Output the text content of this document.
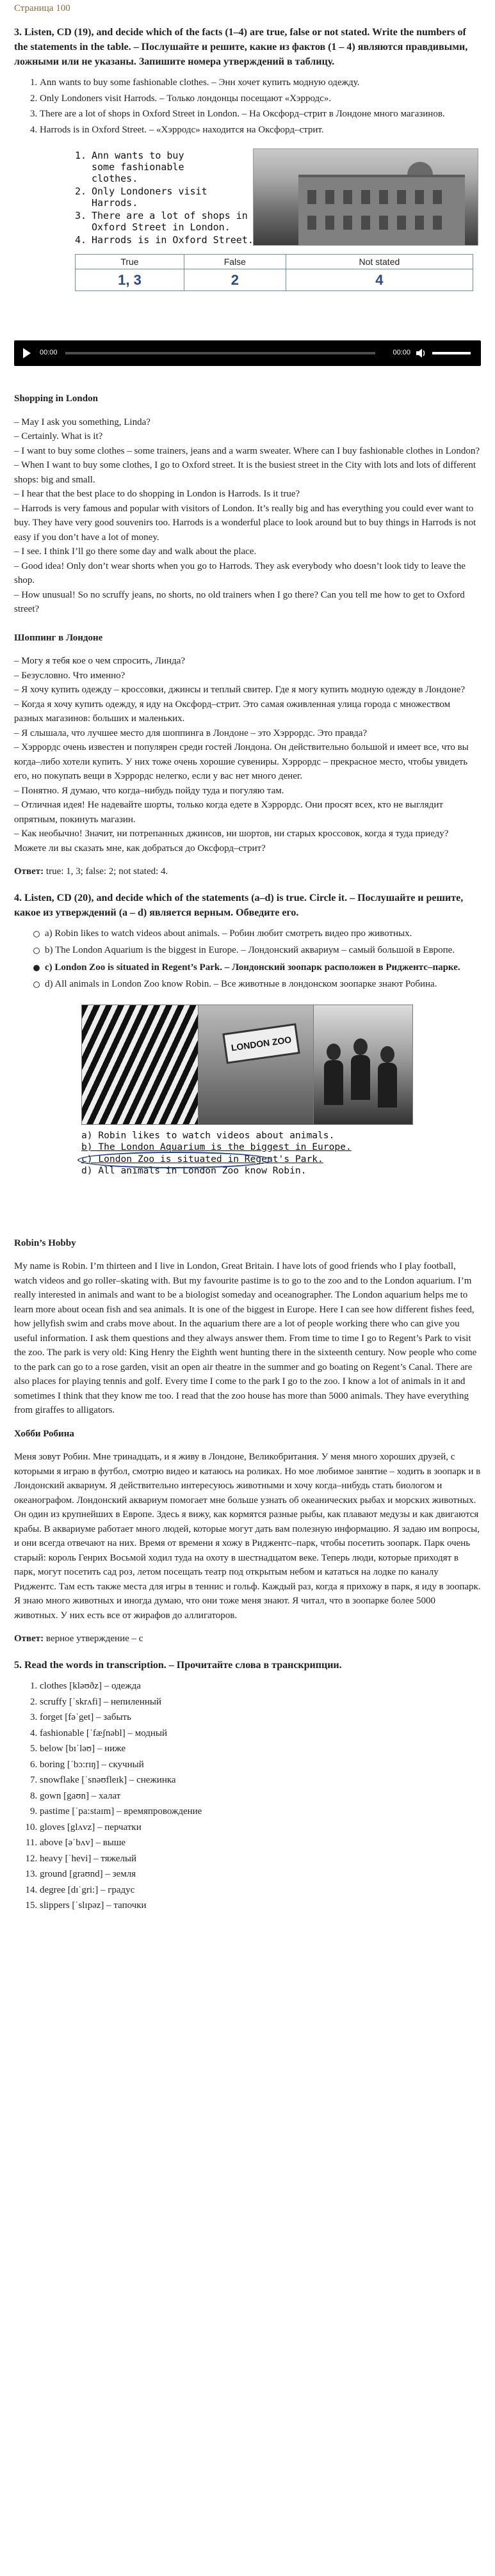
Страница 100
3. Listen, CD (19), and decide which of the facts (1–4) are true, false or not stated. Write the numbers of the statements in the table. – Послушайте и решите, какие из фактов (1 – 4) являются правдивыми, ложными или не указаны. Запишите номера утверждений в таблицу.
1. Ann wants to buy some fashionable clothes. – Энн хочет купить модную одежду.
2. Only Londoners visit Harrods. – Только лондонцы посещают «Хэрродс».
3. There are a lot of shops in Oxford Street in London. – На Оксфорд–стрит в Лондоне много магазинов.
4. Harrods is in Oxford Street. – «Хэрродс» находится на Оксфорд–стрит.
1. Ann wants to buy some fashionable clothes.
2. Only Londoners visit Harrods.
3. There are a lot of shops in Oxford Street in London.
4. Harrods is in Oxford Street.
True	False	Not stated
1, 3	2	4
00:00	00:00
Shopping in London

– May I ask you something, Linda?

– Certainly. What is it?

– I want to buy some clothes – some trainers, jeans and a warm sweater. Where can I buy fashionable clothes in London?

– When I want to buy some clothes, I go to Oxford street. It is the busiest street in the City with lots and lots of different shops: big and small.

– I hear that the best place to do shopping in London is Harrods. Is it true?

– Harrods is very famous and popular with visitors of London. It’s really big and has everything you could ever want to buy. They have very good souvenirs too. Harrods is a wonderful place to look around but to buy things in Harrods is not easy if you don’t have a lot of money.

– I see. I think I’ll go there some day and walk about the place.

– Good idea! Only don’t wear shorts when you go to Harrods. They ask everybody who doesn’t look tidy to leave the shop.

– How unusual! So no scruffy jeans, no shorts, no old trainers when I go there? Can you tell me how to get to Oxford street?

Шоппинг в Лондоне

– Могу я тебя кое о чем спросить, Линда?

– Безусловно. Что именно?

– Я хочу купить одежду – кроссовки, джинсы и теплый свитер. Где я могу купить модную одежду в Лондоне?

– Когда я хочу купить одежду, я иду на Оксфорд–стрит. Это самая оживленная улица города с множеством разных магазинов: больших и маленьких.

– Я слышала, что лучшее место для шоппинга в Лондоне – это Хэррордс. Это правда?

– Хэррордс очень известен и популярен среди гостей Лондона. Он действительно большой и имеет все, что вы когда–либо хотели купить. У них тоже очень хорошие сувениры. Хэррордс – прекрасное место, чтобы увидеть его, но покупать вещи в Хэррордс нелегко, если у вас нет много денег.

– Понятно. Я думаю, что когда–нибудь пойду туда и погуляю там.

– Отличная идея! Не надевайте шорты, только когда едете в Хэррордс. Они просят всех, кто не выглядит опрятным, покинуть магазин.

– Как необычно! Значит, ни потрепанных джинсов, ни шортов, ни старых кроссовок, когда я туда приеду? Можете ли вы сказать мне, как добраться до Оксфорд–стрит?

Ответ: true: 1, 3; false: 2; not stated: 4.
4. Listen, CD (20), and decide which of the statements (a–d) is true. Circle it. – Послушайте и решите, какое из утверждений (a – d) является верным. Обведите его.
a) Robin likes to watch videos about animals. – Робин любит смотреть видео про животных.
b) The London Aquarium is the biggest in Europe. – Лондонский аквариум – самый большой в Европе.
c) London Zoo is situated in Regent’s Park. – Лондонский зоопарк расположен в Риджентс–парке.
d) All animals in London Zoo know Robin. – Все животные в лондонском зоопарке знают Робина.
LONDON ZOO
a) Robin likes to watch videos about animals.
b) The London Aquarium is the biggest in Europe.
c) London Zoo is situated in Regent's Park.
d) All animals in London Zoo know Robin.
Robin’s Hobby

My name is Robin. I’m thirteen and I live in London, Great Britain. I have lots of good friends who I play football, watch videos and go roller–skating with. But my favourite pastime is to go to the zoo and to the London aquarium. I’m really interested in animals and want to be a biologist someday and oceanographer. The London aquarium helps me to learn more about ocean fish and sea animals. It is one of the biggest in Europe. Here I can see how different fishes feed, how jellyfish swim and crabs move about. In the aquarium there are a lot of people working there who can give you useful information. I ask them questions and they always answer them. From time to time I go to Regent’s Park to visit the zoo. The park is very old: King Henry the Eighth went hunting there in the sixteenth century. Now people who come to the park can go to a rose garden, visit an open air theatre in the summer and go boating on Regent’s Canal. There are also places for playing tennis and golf. Every time I come to the park I go to the zoo. I know a lot of animals in it and sometimes I think that they know me too. I read that the zoo house has more than 5000 animals. They have everything from giraffes to alligators.

Хобби Робина

Меня зовут Робин. Мне тринадцать, и я живу в Лондоне, Великобритания. У меня много хороших друзей, с которыми я играю в футбол, смотрю видео и катаюсь на роликах. Но мое любимое занятие – ходить в зоопарк и в Лондонский аквариум. Я действительно интересуюсь животными и хочу когда–нибудь стать биологом и океанографом. Лондонский аквариум помогает мне больше узнать об океанических рыбах и морских животных. Он один из крупнейших в Европе. Здесь я вижу, как кормятся разные рыбы, как плавают медузы и как двигаются крабы. В аквариуме работает много людей, которые могут дать вам полезную информацию. Я задаю им вопросы, и они всегда отвечают на них. Время от времени я хожу в Риджентс–парк, чтобы посетить зоопарк. Парк очень старый: король Генрих Восьмой ходил туда на охоту в шестнадцатом веке. Теперь люди, которые приходят в парк, могут посетить сад роз, летом посещать театр под открытым небом и кататься на лодке по каналу Риджентс. Там есть также места для игры в теннис и гольф. Каждый раз, когда я прихожу в парк, я иду в зоопарк. Я знаю много животных и иногда думаю, что они тоже меня знают. Я читал, что в зоопарке более 5000 животных. У них есть все от жирафов до аллигаторов.

Ответ: верное утверждение – c
5. Read the words in transcription. – Прочитайте слова в транскрипции.
1. clothes [kləʊðz] – одежда
2. scruffy [ˈskrʌfi] – непиленный
3. forget [fəˈget] – забыть
4. fashionable [ˈfæʃnəbl] – модный
5. below [bɪˈləʊ] – ниже
6. boring [ˈbɔ:rɪŋ] – скучный
7. snowflake [ˈsnəʊfleɪk] – снежинка
8. gown [gaʊn] – халат
9. pastime [ˈpa:staɪm] – времяпровождение
10. gloves [glʌvz] – перчатки
11. above [əˈbʌv] – выше
12. heavy [ˈhevi] – тяжелый
13. ground [graʊnd] – земля
14. degree [dɪˈgri:] – градус
15. slippers [ˈslɪpəz] – тапочки
